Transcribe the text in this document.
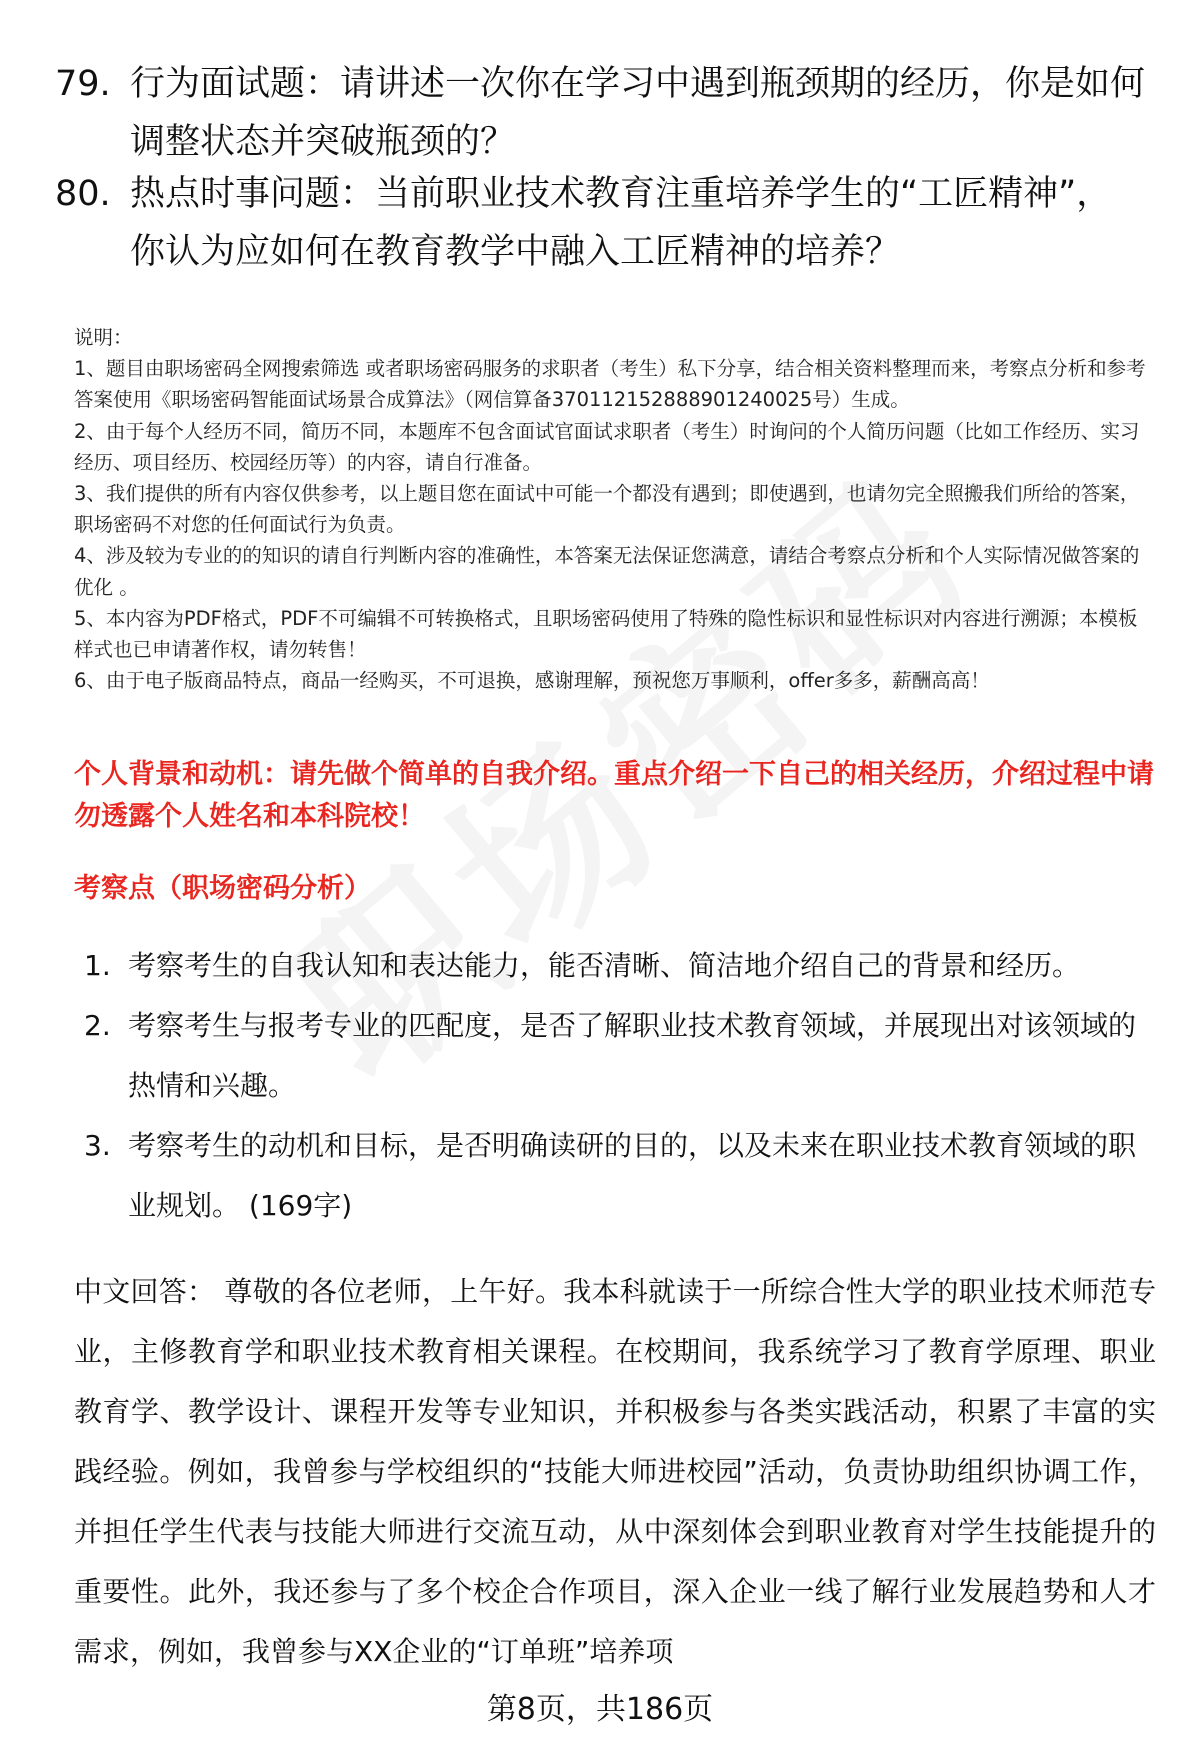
79. 行为面试题：请讲述一次你在学习中遇到瓶颈期的经历，你是如何调整状态并突破瓶颈的？
80. 热点时事问题：当前职业技术教育注重培养学生的“工匠精神”，你认为应如何在教育教学中融入工匠精神的培养？

说明：

1、题目由职场密码全网搜索筛选 或者职场密码服务的求职者（考生）私下分享，结合相关资料整理而来，考察点分析和参考答案使用《职场密码智能面试场景合成算法》（网信算备370112152888901240025号）生成。

2、由于每个人经历不同，简历不同，本题库不包含面试官面试求职者（考生）时询问的个人简历问题（比如工作经历、实习经历、项目经历、校园经历等）的内容，请自行准备。

3、我们提供的所有内容仅供参考，以上题目您在面试中可能一个都没有遇到；即使遇到，也请勿完全照搬我们所给的答案，职场密码不对您的任何面试行为负责。

4、涉及较为专业的的知识的请自行判断内容的准确性，本答案无法保证您满意，请结合考察点分析和个人实际情况做答案的优化 。

5、本内容为PDF格式，PDF不可编辑不可转换格式，且职场密码使用了特殊的隐性标识和显性标识对内容进行溯源；本模板样式也已申请著作权，请勿转售！

6、由于电子版商品特点，商品一经购买，不可退换，感谢理解，预祝您万事顺利，offer多多，薪酬高高！

个人背景和动机：请先做个简单的自我介绍。重点介绍一下自己的相关经历，介绍过程中请勿透露个人姓名和本科院校！
考察点（职场密码分析）
1. 考察考生的自我认知和表达能力，能否清晰、简洁地介绍自己的背景和经历。
2. 考察考生与报考专业的匹配度，是否了解职业技术教育领域，并展现出对该领域的热情和兴趣。
3. 考察考生的动机和目标，是否明确读研的目的，以及未来在职业技术教育领域的职业规划。 (169字)
中文回答： 尊敬的各位老师，上午好。我本科就读于一所综合性大学的职业技术师范专业，主修教育学和职业技术教育相关课程。在校期间，我系统学习了教育学原理、职业教育学、教学设计、课程开发等专业知识，并积极参与各类实践活动，积累了丰富的实践经验。例如，我曾参与学校组织的“技能大师进校园”活动，负责协助组织协调工作，并担任学生代表与技能大师进行交流互动，从中深刻体会到职业教育对学生技能提升的重要性。此外，我还参与了多个校企合作项目，深入企业一线了解行业发展趋势和人才需求，例如，我曾参与XX企业的“订单班”培养项
第8页，共186页
